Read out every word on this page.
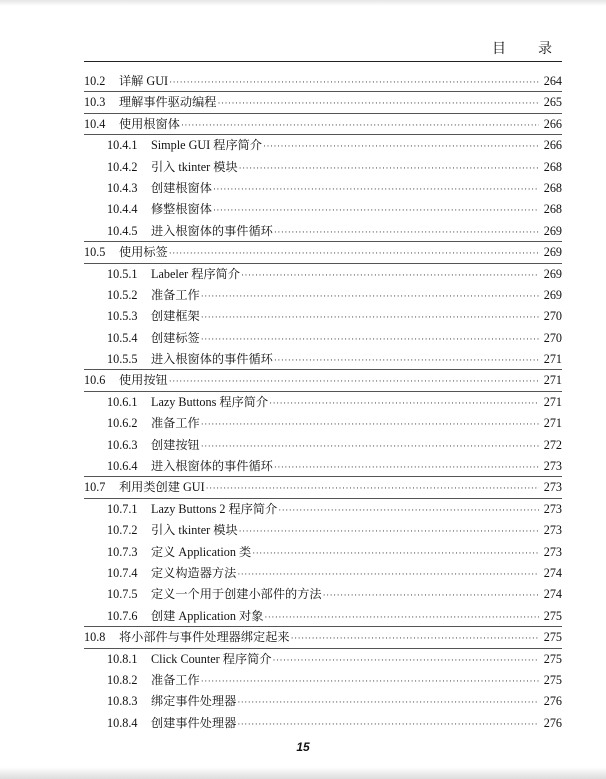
目　录
10.2	详解 GUI ·····	264
10.3	理解事件驱动编程 ·····	265
10.4	使用根窗体 ·····	266
10.4.1	Simple GUI 程序简介 ·····	266
10.4.2	引入 tkinter 模块 ·····	268
10.4.3	创建根窗体 ·····	268
10.4.4	修整根窗体 ·····	268
10.4.5	进入根窗体的事件循环 ·····	269
10.5	使用标签 ·····	269
10.5.1	Labeler 程序简介 ·····	269
10.5.2	准备工作 ·····	269
10.5.3	创建框架 ·····	270
10.5.4	创建标签 ·····	270
10.5.5	进入根窗体的事件循环 ·····	271
10.6	使用按钮 ·····	271
10.6.1	Lazy Buttons 程序简介 ·····	271
10.6.2	准备工作 ·····	271
10.6.3	创建按钮 ·····	272
10.6.4	进入根窗体的事件循环 ·····	273
10.7	利用类创建 GUI ·····	273
10.7.1	Lazy Buttons 2 程序简介 ·····	273
10.7.2	引入 tkinter 模块 ·····	273
10.7.3	定义 Application 类 ·····	273
10.7.4	定义构造器方法 ·····	274
10.7.5	定义一个用于创建小部件的方法 ·····	274
10.7.6	创建 Application 对象 ·····	275
10.8	将小部件与事件处理器绑定起来 ·····	275
10.8.1	Click Counter 程序简介 ·····	275
10.8.2	准备工作 ·····	275
10.8.3	绑定事件处理器 ·····	276
10.8.4	创建事件处理器 ·····	276
15
